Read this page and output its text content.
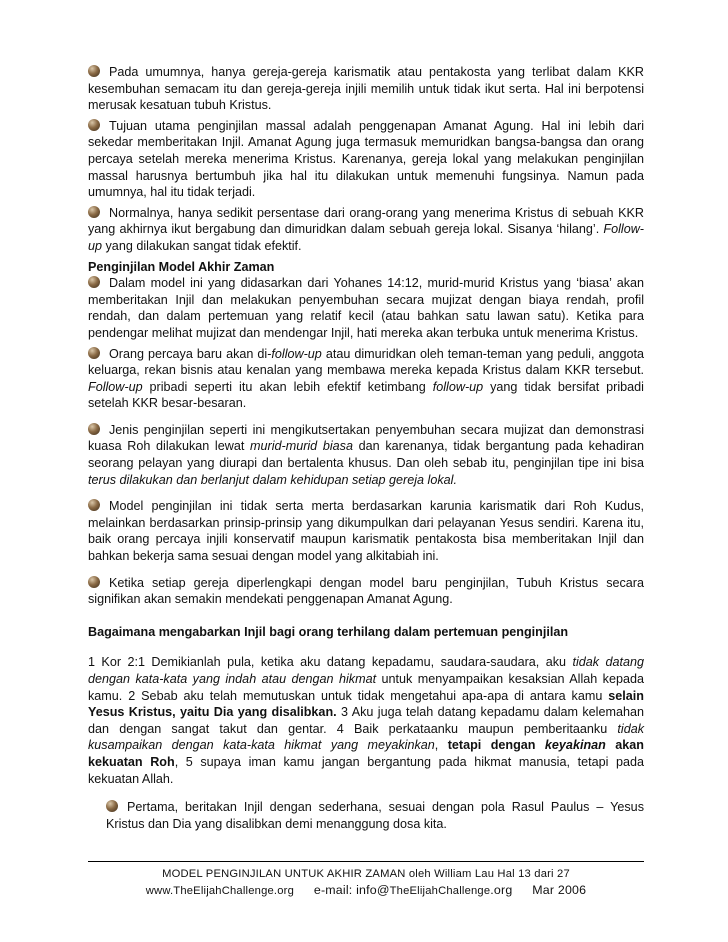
Pada umumnya, hanya gereja-gereja karismatik atau pentakosta yang terlibat dalam KKR kesembuhan semacam itu dan gereja-gereja injili memilih untuk tidak ikut serta. Hal ini berpotensi merusak kesatuan tubuh Kristus.

Tujuan utama penginjilan massal adalah penggenapan Amanat Agung. Hal ini lebih dari sekedar memberitakan Injil. Amanat Agung juga termasuk memuridkan bangsa-bangsa dan orang percaya setelah mereka menerima Kristus. Karenanya, gereja lokal yang melakukan penginjilan massal harusnya bertumbuh jika hal itu dilakukan untuk memenuhi fungsinya. Namun pada umumnya, hal itu tidak terjadi.

Normalnya, hanya sedikit persentase dari orang-orang yang menerima Kristus di sebuah KKR yang akhirnya ikut bergabung dan dimuridkan dalam sebuah gereja lokal. Sisanya ‘hilang’. Follow-up yang dilakukan sangat tidak efektif.

Penginjilan Model Akhir Zaman

Dalam model ini yang didasarkan dari Yohanes 14:12, murid-murid Kristus yang ‘biasa’ akan memberitakan Injil dan melakukan penyembuhan secara mujizat dengan biaya rendah, profil rendah, dan dalam pertemuan yang relatif kecil (atau bahkan satu lawan satu). Ketika para pendengar melihat mujizat dan mendengar Injil, hati mereka akan terbuka untuk menerima Kristus.

Orang percaya baru akan di-follow-up atau dimuridkan oleh teman-teman yang peduli, anggota keluarga, rekan bisnis atau kenalan yang membawa mereka kepada Kristus dalam KKR tersebut. Follow-up pribadi seperti itu akan lebih efektif ketimbang follow-up yang tidak bersifat pribadi setelah KKR besar-besaran.

Jenis penginjilan seperti ini mengikutsertakan penyembuhan secara mujizat dan demonstrasi kuasa Roh dilakukan lewat murid-murid biasa dan karenanya, tidak bergantung pada kehadiran seorang pelayan yang diurapi dan bertalenta khusus. Dan oleh sebab itu, penginjilan tipe ini bisa terus dilakukan dan berlanjut dalam kehidupan setiap gereja lokal.

Model penginjilan ini tidak serta merta berdasarkan karunia karismatik dari Roh Kudus, melainkan berdasarkan prinsip-prinsip yang dikumpulkan dari pelayanan Yesus sendiri. Karena itu, baik orang percaya injili konservatif maupun karismatik pentakosta bisa memberitakan Injil dan bahkan bekerja sama sesuai dengan model yang alkitabiah ini.

Ketika setiap gereja diperlengkapi dengan model baru penginjilan, Tubuh Kristus secara signifikan akan semakin mendekati penggenapan Amanat Agung.

Bagaimana mengabarkan Injil bagi orang terhilang dalam pertemuan penginjilan

1 Kor 2:1 Demikianlah pula, ketika aku datang kepadamu, saudara-saudara, aku tidak datang dengan kata-kata yang indah atau dengan hikmat untuk menyampaikan kesaksian Allah kepada kamu. 2 Sebab aku telah memutuskan untuk tidak mengetahui apa-apa di antara kamu selain Yesus Kristus, yaitu Dia yang disalibkan. 3 Aku juga telah datang kepadamu dalam kelemahan dan dengan sangat takut dan gentar. 4 Baik perkataanku maupun pemberitaanku tidak kusampaikan dengan kata-kata hikmat yang meyakinkan, tetapi dengan keyakinan akan kekuatan Roh, 5 supaya iman kamu jangan bergantung pada hikmat manusia, tetapi pada kekuatan Allah.

Pertama, beritakan Injil dengan sederhana, sesuai dengan pola Rasul Paulus – Yesus Kristus dan Dia yang disalibkan demi menanggung dosa kita.

MODEL PENGINJILAN UNTUK AKHIR ZAMAN oleh William Lau Hal 13 dari 27
www.TheElijahChallenge.org e-mail: info@TheElijahChallenge.org Mar 2006
